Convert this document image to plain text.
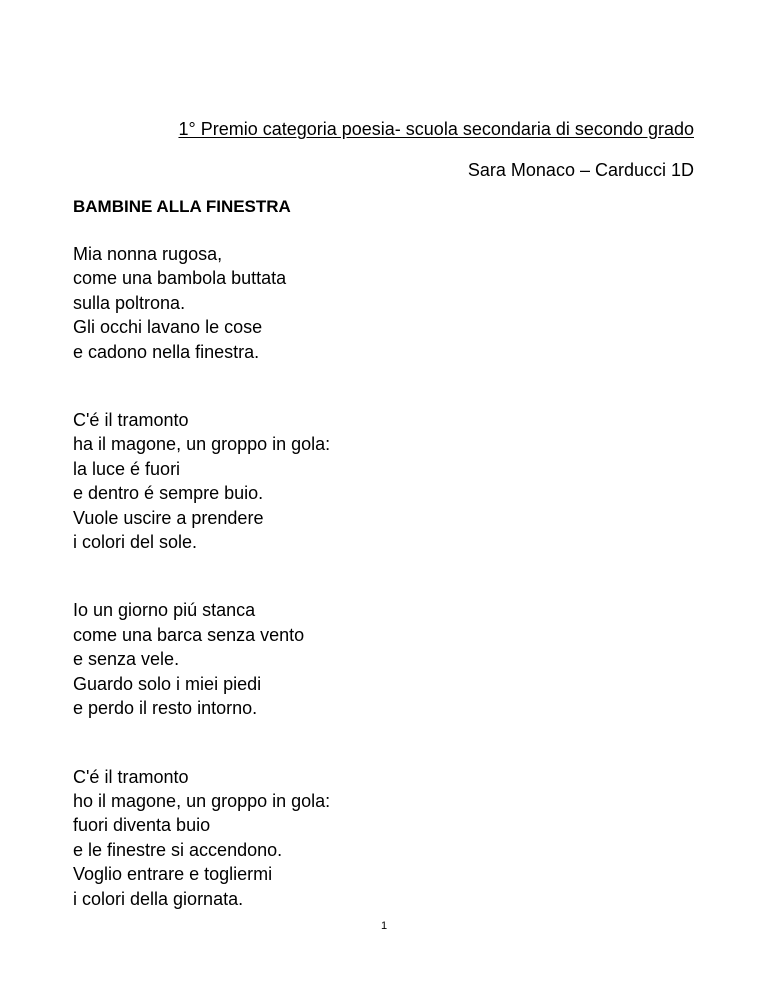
1° Premio categoria poesia- scuola secondaria di secondo grado
Sara Monaco – Carducci 1D
BAMBINE ALLA FINESTRA
Mia nonna rugosa,
come una bambola buttata
sulla poltrona.
Gli occhi lavano le cose
e cadono nella finestra.
C'é il tramonto
ha il magone, un groppo in gola:
la luce é fuori
e dentro é sempre buio.
Vuole uscire a prendere
i colori del sole.
Io un giorno piú stanca
come una barca senza vento
e senza vele.
Guardo solo i miei piedi
e perdo il resto intorno.
C'é il tramonto
ho il magone, un groppo in gola:
fuori diventa buio
e le finestre si accendono.
Voglio entrare e togliermi
i colori della giornata.
1
